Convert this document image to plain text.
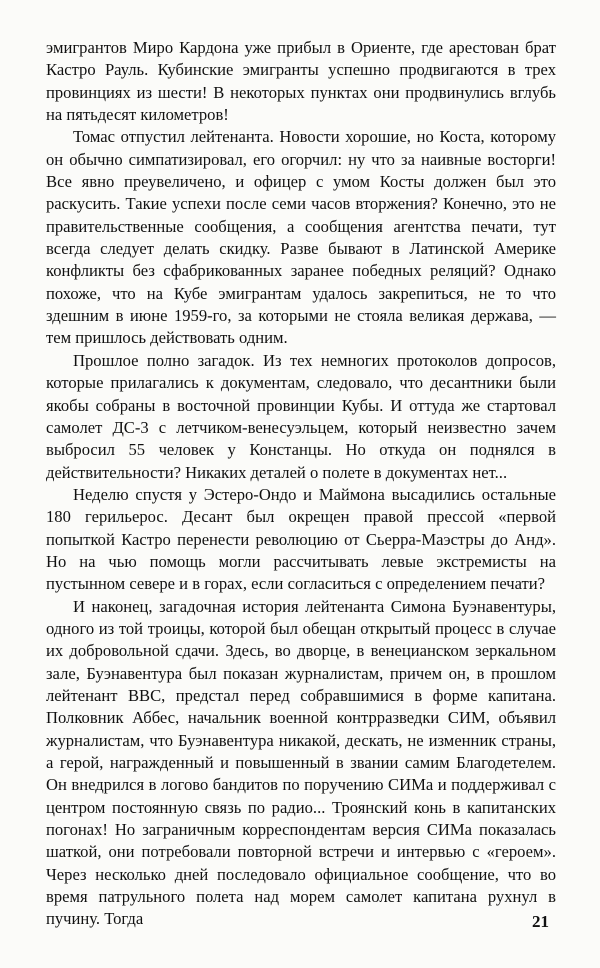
эмигрантов Миро Кардона уже прибыл в Ориенте, где арестован брат Кастро Рауль. Кубинские эмигранты успешно продвигаются в трех провинциях из шести! В некоторых пунктах они продвинулись вглубь на пятьдесят километров!

Томас отпустил лейтенанта. Новости хорошие, но Коста, которому он обычно симпатизировал, его огорчил: ну что за наивные восторги! Все явно преувеличено, и офицер с умом Косты должен был это раскусить. Такие успехи после семи часов вторжения? Конечно, это не правительственные сообщения, а сообщения агентства печати, тут всегда следует делать скидку. Разве бывают в Латинской Америке конфликты без сфабрикованных заранее победных реляций? Однако похоже, что на Кубе эмигрантам удалось закрепиться, не то что здешним в июне 1959-го, за которыми не стояла великая держава, — тем пришлось действовать одним.

Прошлое полно загадок. Из тех немногих протоколов допросов, которые прилагались к документам, следовало, что десантники были якобы собраны в восточной провинции Кубы. И оттуда же стартовал самолет ДС-3 с летчиком-венесуэльцем, который неизвестно зачем выбросил 55 человек у Констанцы. Но откуда он поднялся в действительности? Никаких деталей о полете в документах нет...

Неделю спустя у Эстеро-Ондо и Маймона высадились остальные 180 герильерос. Десант был окрещен правой прессой «первой попыткой Кастро перенести революцию от Сьерра-Маэстры до Анд». Но на чью помощь могли рассчитывать левые экстремисты на пустынном севере и в горах, если согласиться с определением печати?

И наконец, загадочная история лейтенанта Симона Буэнавентуры, одного из той троицы, которой был обещан открытый процесс в случае их добровольной сдачи. Здесь, во дворце, в венецианском зеркальном зале, Буэнавентура был показан журналистам, причем он, в прошлом лейтенант ВВС, предстал перед собравшимися в форме капитана. Полковник Аббес, начальник военной контрразведки СИМ, объявил журналистам, что Буэнавентура никакой, дескать, не изменник страны, а герой, награжденный и повышенный в звании самим Благодетелем. Он внедрился в логово бандитов по поручению СИМа и поддерживал с центром постоянную связь по радио... Троянский конь в капитанских погонах! Но заграничным корреспондентам версия СИМа показалась шаткой, они потребовали повторной встречи и интервью с «героем». Через несколько дней последовало официальное сообщение, что во время патрульного полета над морем самолет капитана рухнул в пучину. Тогда	21
